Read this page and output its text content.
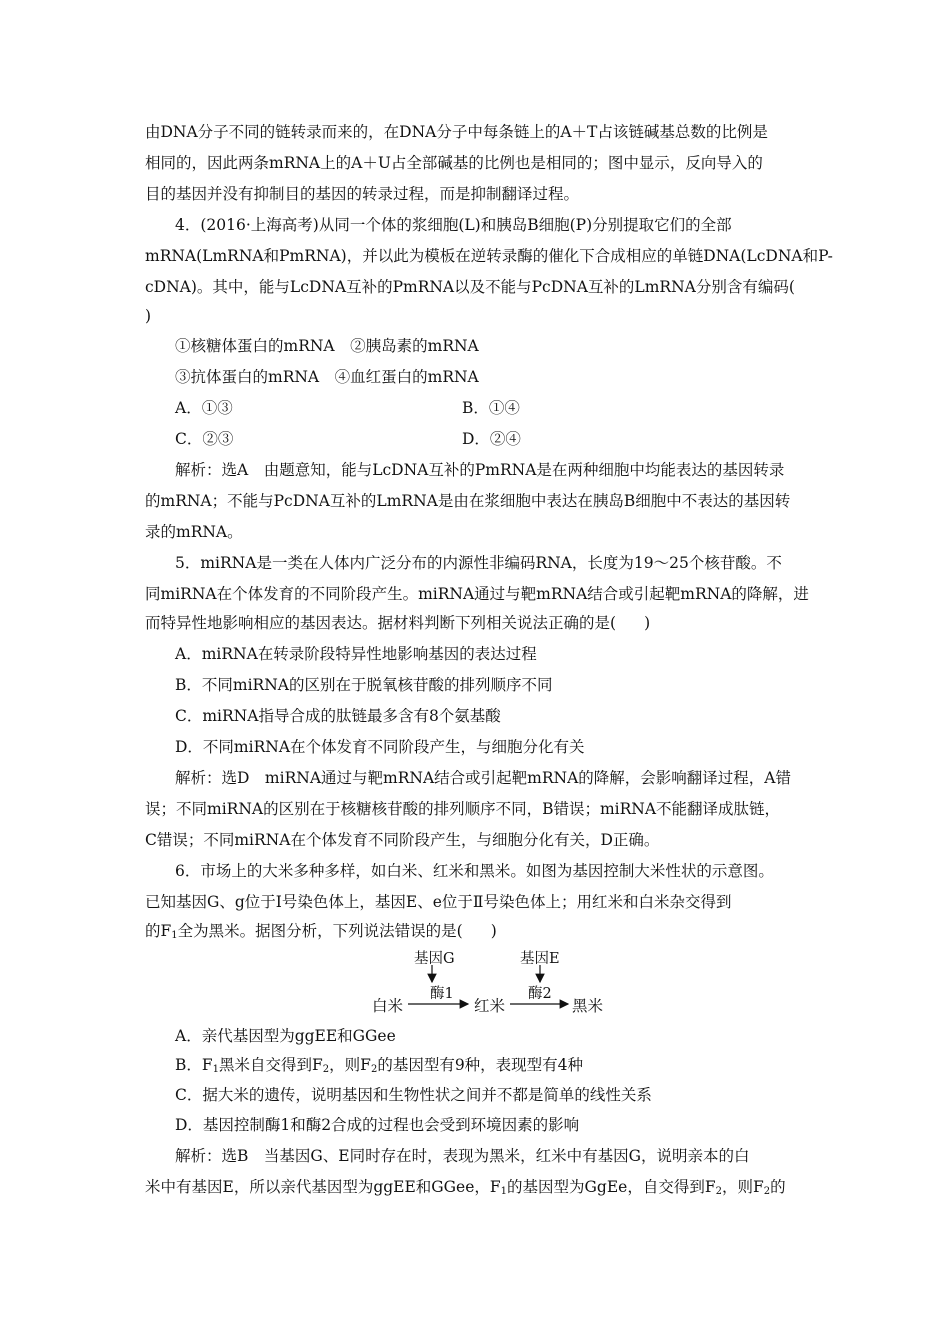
由DNA分子不同的链转录而来的，在DNA分子中每条链上的A＋T占该链碱基总数的比例是
相同的，因此两条mRNA上的A＋U占全部碱基的比例也是相同的；图中显示，反向导入的
目的基因并没有抑制目的基因的转录过程，而是抑制翻译过程。
4．(2016·上海高考)从同一个体的浆细胞(L)和胰岛B细胞(P)分别提取它们的全部
mRNA(LmRNA和PmRNA)，并以此为模板在逆转录酶的催化下合成相应的单链DNA(LcDNA和P-
cDNA)。其中，能与LcDNA互补的PmRNA以及不能与PcDNA互补的LmRNA分别含有编码(
)
①核糖体蛋白的mRNA　②胰岛素的mRNA
③抗体蛋白的mRNA　④血红蛋白的mRNA
A．①③	B．①④
C．②③	D．②④
解析：选A　由题意知，能与LcDNA互补的PmRNA是在两种细胞中均能表达的基因转录
的mRNA；不能与PcDNA互补的LmRNA是由在浆细胞中表达在胰岛B细胞中不表达的基因转
录的mRNA。
5．miRNA是一类在人体内广泛分布的内源性非编码RNA，长度为19～25个核苷酸。不
同miRNA在个体发育的不同阶段产生。miRNA通过与靶mRNA结合或引起靶mRNA的降解，进
而特异性地影响相应的基因表达。据材料判断下列相关说法正确的是( )
A．miRNA在转录阶段特异性地影响基因的表达过程
B．不同miRNA的区别在于脱氧核苷酸的排列顺序不同
C．miRNA指导合成的肽链最多含有8个氨基酸
D．不同miRNA在个体发育不同阶段产生，与细胞分化有关
解析：选D　miRNA通过与靶mRNA结合或引起靶mRNA的降解，会影响翻译过程，A错
误；不同miRNA的区别在于核糖核苷酸的排列顺序不同，B错误；miRNA不能翻译成肽链，
C错误；不同miRNA在个体发育不同阶段产生，与细胞分化有关，D正确。
6．市场上的大米多种多样，如白米、红米和黑米。如图为基因控制大米性状的示意图。
已知基因G、g位于Ⅰ号染色体上，基因E、e位于Ⅱ号染色体上；用红米和白米杂交得到
的$F_1$全为黑米。据图分析，下列说法错误的是( )
基因G	基因E
酶1	酶2
白米	红米	黑米
A．亲代基因型为ggEE和GGee
B．$F_1$黑米自交得到$F_2$，则$F_2$的基因型有9种，表现型有4种
C．据大米的遗传，说明基因和生物性状之间并不都是简单的线性关系
D．基因控制酶1和酶2合成的过程也会受到环境因素的影响
解析：选B　当基因G、E同时存在时，表现为黑米，红米中有基因G，说明亲本的白
米中有基因E，所以亲代基因型为ggEE和GGee，$F_1$的基因型为GgEe，自交得到$F_2$，则$F_2$的
